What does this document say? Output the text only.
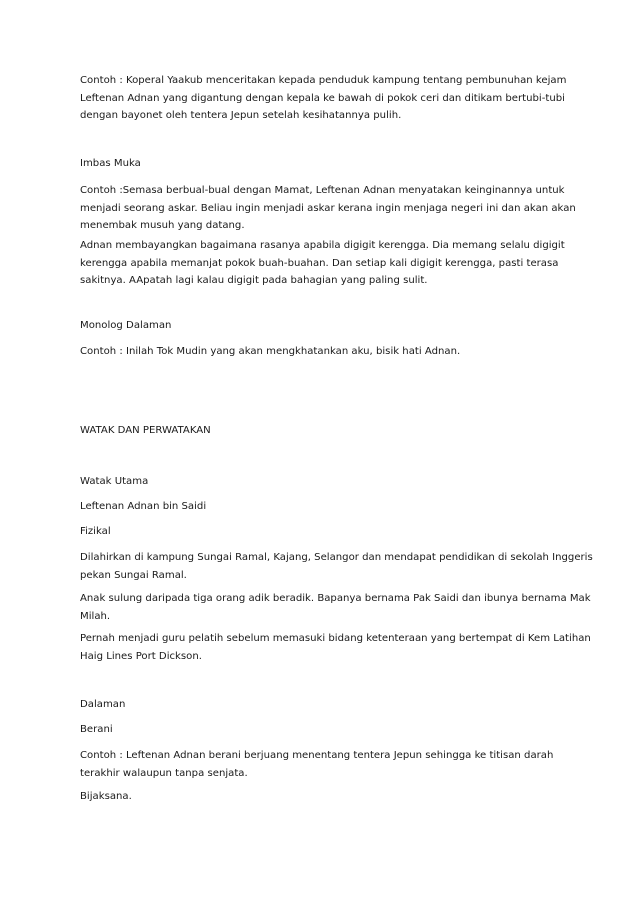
Contoh : Koperal Yaakub menceritakan kepada penduduk kampung tentang pembunuhan kejam

Leftenan Adnan yang digantung dengan kepala ke bawah di pokok ceri dan ditikam bertubi-tubi

dengan bayonet oleh tentera Jepun setelah kesihatannya pulih.

Imbas Muka

Contoh :Semasa berbual-bual dengan Mamat, Leftenan Adnan menyatakan keinginannya untuk

menjadi seorang askar. Beliau ingin menjadi askar kerana ingin menjaga negeri ini dan akan akan

menembak musuh yang datang.

Adnan membayangkan bagaimana rasanya apabila digigit kerengga. Dia memang selalu digigit

kerengga apabila memanjat pokok buah-buahan. Dan setiap kali digigit kerengga, pasti terasa

sakitnya. AApatah lagi kalau digigit pada bahagian yang paling sulit.

Monolog Dalaman

Contoh : Inilah Tok Mudin yang akan mengkhatankan aku, bisik hati Adnan.

WATAK DAN PERWATAKAN

Watak Utama

Leftenan Adnan bin Saidi

Fizikal

Dilahirkan di kampung Sungai Ramal, Kajang, Selangor dan mendapat pendidikan di sekolah Inggeris

pekan Sungai Ramal.

Anak sulung daripada tiga orang adik beradik. Bapanya bernama Pak Saidi dan ibunya bernama Mak

Milah.

Pernah menjadi guru pelatih sebelum memasuki bidang ketenteraan yang bertempat di Kem Latihan

Haig Lines Port Dickson.

Dalaman

Berani

Contoh : Leftenan Adnan berani berjuang menentang tentera Jepun sehingga ke titisan darah

terakhir walaupun tanpa senjata.

Bijaksana.
